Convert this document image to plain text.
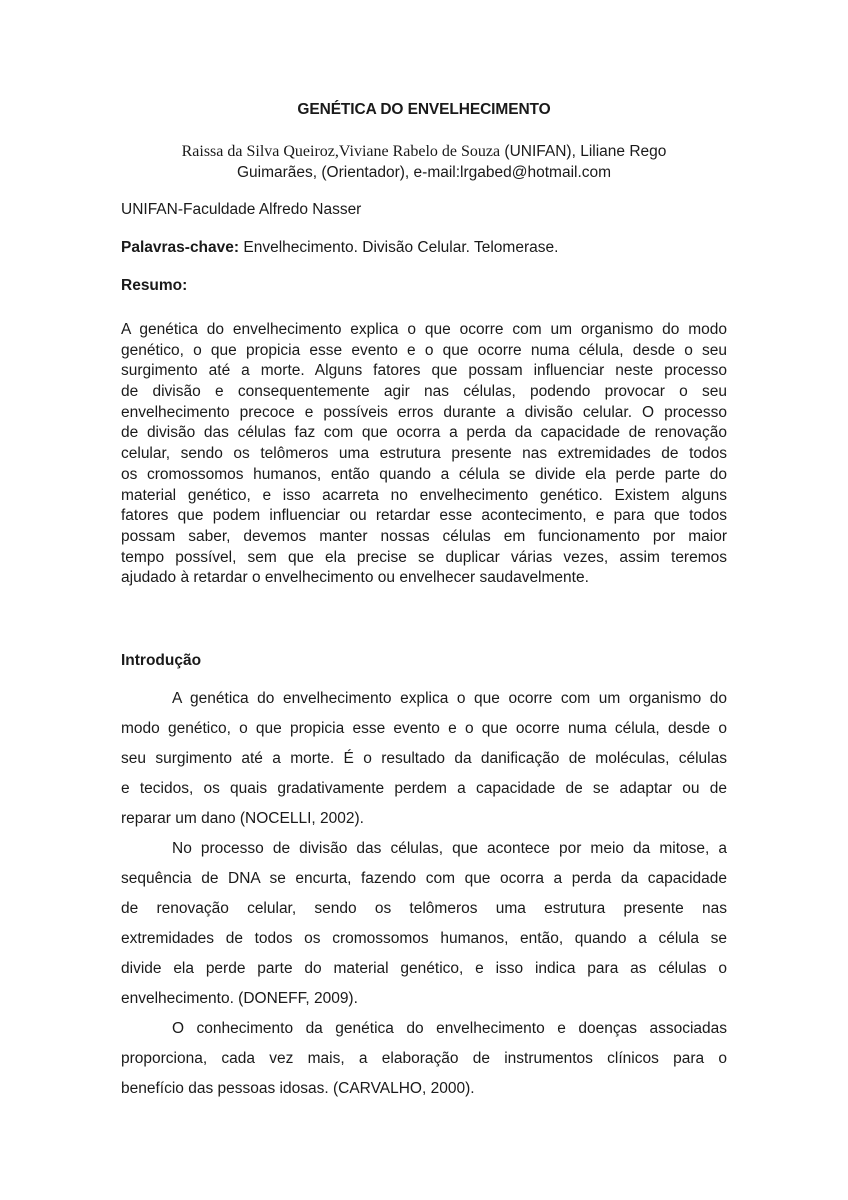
GENÉTICA DO ENVELHECIMENTO
Raissa da Silva Queiroz,Viviane Rabelo de Souza (UNIFAN), Liliane Rego
Guimarães, (Orientador), e-mail:lrgabed@hotmail.com
UNIFAN-Faculdade Alfredo Nasser
Palavras-chave: Envelhecimento. Divisão Celular. Telomerase.
Resumo:
A genética do envelhecimento explica o que ocorre com um organismo do modo
genético, o que propicia esse evento e o que ocorre numa célula, desde o seu
surgimento até a morte. Alguns fatores que possam influenciar neste processo
de divisão e consequentemente agir nas células, podendo provocar o seu
envelhecimento precoce e possíveis erros durante a divisão celular. O processo
de divisão das células faz com que ocorra a perda da capacidade de renovação
celular, sendo os telômeros uma estrutura presente nas extremidades de todos
os cromossomos humanos, então quando a célula se divide ela perde parte do
material genético, e isso acarreta no envelhecimento genético. Existem alguns
fatores que podem influenciar ou retardar esse acontecimento, e para que todos
possam saber, devemos manter nossas células em funcionamento por maior
tempo possível, sem que ela precise se duplicar várias vezes, assim teremos
ajudado à retardar o envelhecimento ou envelhecer saudavelmente.
Introdução
A genética do envelhecimento explica o que ocorre com um organismo do
modo genético, o que propicia esse evento e o que ocorre numa célula, desde o
seu surgimento até a morte. É o resultado da danificação de moléculas, células
e tecidos, os quais gradativamente perdem a capacidade de se adaptar ou de
reparar um dano (NOCELLI, 2002).
No processo de divisão das células, que acontece por meio da mitose, a
sequência de DNA se encurta, fazendo com que ocorra a perda da capacidade
de renovação celular, sendo os telômeros uma estrutura presente nas
extremidades de todos os cromossomos humanos, então, quando a célula se
divide ela perde parte do material genético, e isso indica para as células o
envelhecimento. (DONEFF, 2009).
O conhecimento da genética do envelhecimento e doenças associadas
proporciona, cada vez mais, a elaboração de instrumentos clínicos para o
benefício das pessoas idosas. (CARVALHO, 2000).
